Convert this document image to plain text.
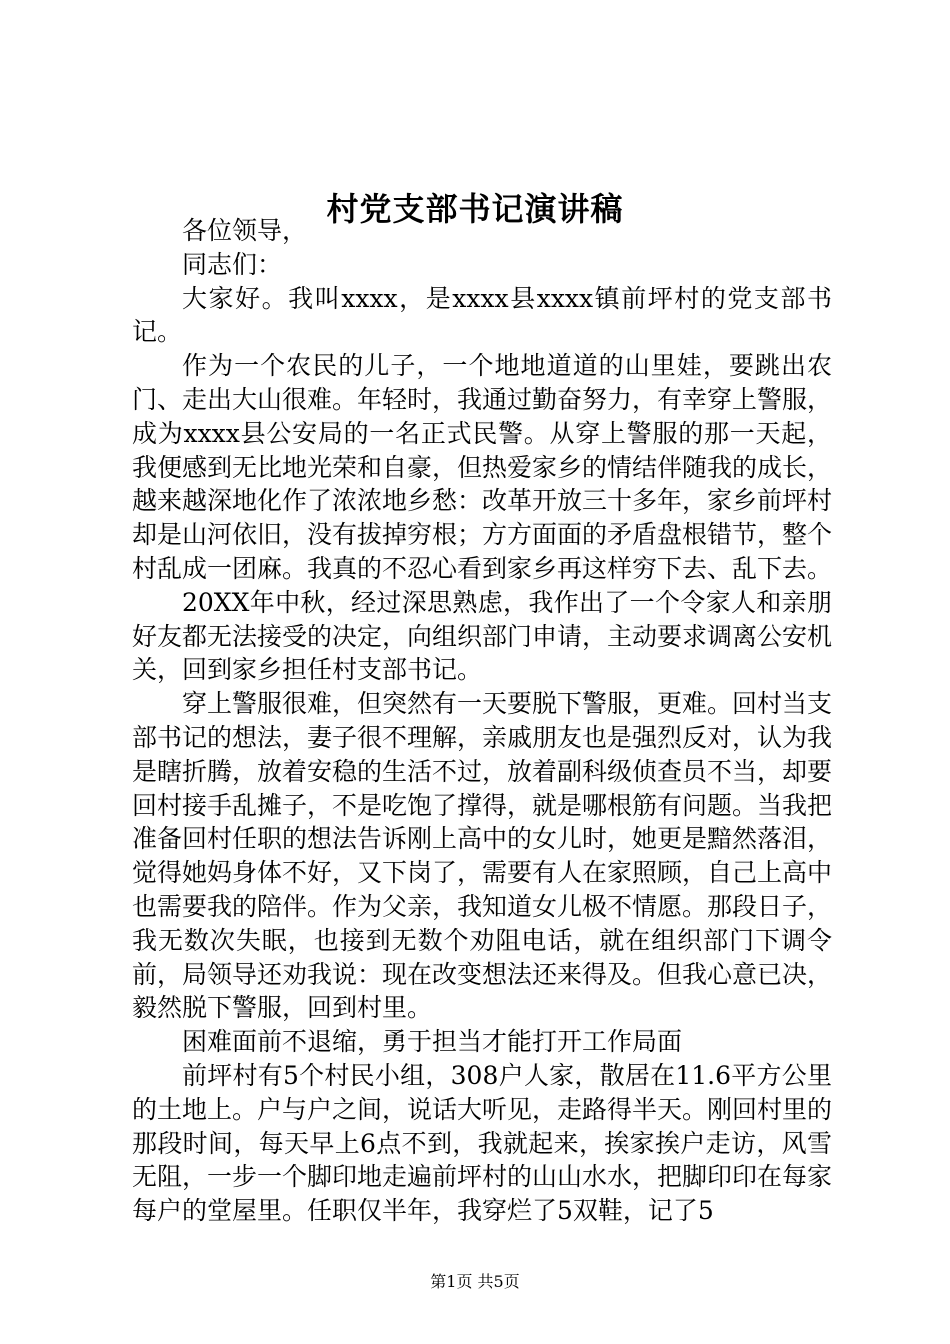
村党支部书记演讲稿

各位领导，

同志们：

大家好。我叫xxxx，是xxxx县xxxx镇前坪村的党支部书记。

作为一个农民的儿子，一个地地道道的山里娃，要跳出农门、走出大山很难。年轻时，我通过勤奋努力，有幸穿上警服，成为xxxx县公安局的一名正式民警。从穿上警服的那一天起，我便感到无比地光荣和自豪，但热爱家乡的情结伴随我的成长，越来越深地化作了浓浓地乡愁：改革开放三十多年，家乡前坪村却是山河依旧，没有拔掉穷根；方方面面的矛盾盘根错节，整个村乱成一团麻。我真的不忍心看到家乡再这样穷下去、乱下去。

20XX年中秋，经过深思熟虑，我作出了一个令家人和亲朋好友都无法接受的决定，向组织部门申请，主动要求调离公安机关，回到家乡担任村支部书记。

穿上警服很难，但突然有一天要脱下警服，更难。回村当支部书记的想法，妻子很不理解，亲戚朋友也是强烈反对，认为我是瞎折腾，放着安稳的生活不过，放着副科级侦查员不当，却要回村接手乱摊子，不是吃饱了撑得，就是哪根筋有问题。当我把准备回村任职的想法告诉刚上高中的女儿时，她更是黯然落泪，觉得她妈身体不好，又下岗了，需要有人在家照顾，自己上高中也需要我的陪伴。作为父亲，我知道女儿极不情愿。那段日子，我无数次失眠，也接到无数个劝阻电话，就在组织部门下调令前，局领导还劝我说：现在改变想法还来得及。但我心意已决，毅然脱下警服，回到村里。

困难面前不退缩，勇于担当才能打开工作局面

前坪村有5个村民小组，308户人家，散居在11.6平方公里的土地上。户与户之间，说话大听见，走路得半天。刚回村里的那段时间，每天早上6点不到，我就起来，挨家挨户走访，风雪无阻，一步一个脚印地走遍前坪村的山山水水，把脚印印在每家每户的堂屋里。任职仅半年，我穿烂了5双鞋，记了5

第1页 共5页
